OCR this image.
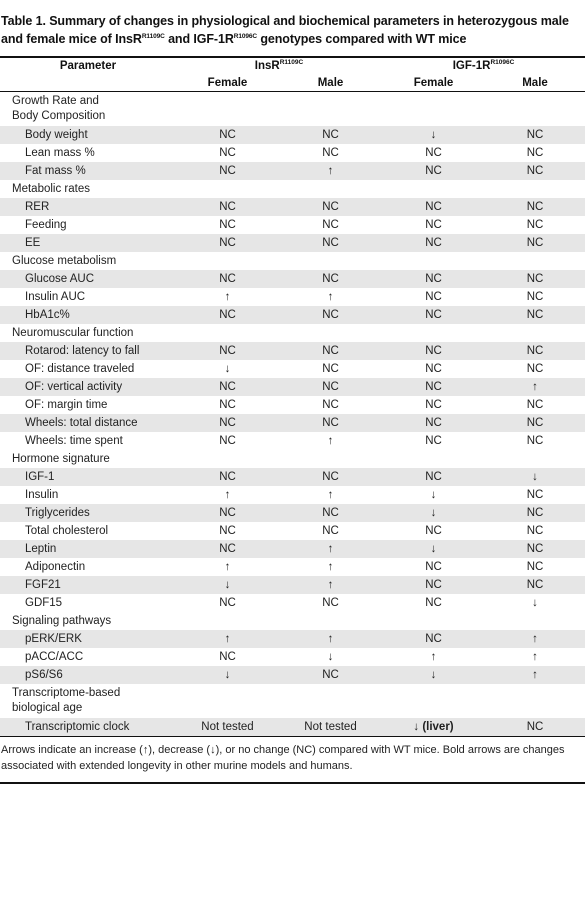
Table 1. Summary of changes in physiological and biochemical parameters in heterozygous male and female mice of InsR$^{R1109C}$ and IGF-$1R^{R1096C}$ genotypes compared with WT mice
Parameter	InsR$^{R1109C}$		IGF-$1R^{R1096C}$
	Female	Male	Female	Male
Growth Rate and
Body Composition				
Body weight	NC	NC	↓	NC
Lean mass %	NC	NC	NC	NC
Fat mass %	NC	↑	NC	NC
Metabolic rates				
RER	NC	NC	NC	NC
Feeding	NC	NC	NC	NC
EE	NC	NC	NC	NC
Glucose metabolism				
Glucose AUC	NC	NC	NC	NC
Insulin AUC	↑	↑	NC	NC
HbA1c%	NC	NC	NC	NC
Neuromuscular function				
Rotarod: latency to fall	NC	NC	NC	NC
OF: distance traveled	↓	NC	NC	NC
OF: vertical activity	NC	NC	NC	↑
OF: margin time	NC	NC	NC	NC
Wheels: total distance	NC	NC	NC	NC
Wheels: time spent	NC	↑	NC	NC
Hormone signature				
IGF-1	NC	NC	NC	↓
Insulin	↑	↑	↓	NC
Triglycerides	NC	NC	↓	NC
Total cholesterol	NC	NC	NC	NC
Leptin	NC	↑	↓	NC
Adiponectin	↑	↑	NC	NC
FGF21	↓	↑	NC	NC
GDF15	NC	NC	NC	↓
Signaling pathways				
pERK/ERK	↑	↑	NC	↑
pACC/ACC	NC	↓	↑	↑
pS6/S6	↓	NC	↓	↑
Transcriptome-based
biological age				
Transcriptomic clock	Not tested	Not tested	↓ (liver)	NC
Arrows indicate an increase (↑), decrease (↓), or no change (NC) compared with WT mice. Bold arrows are changes associated with extended longevity in other murine models and humans.
